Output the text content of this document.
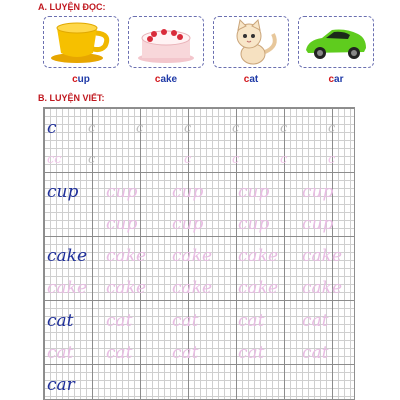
A. LUYỆN ĐỌC:
cup	cake	cat	car
B. LUYỆN VIẾT:
c c	c	c	c	c	c
cc c	c	c	c	c
cup cup cup cup cup
cup cup cup cup
cake cake cake cake cake
cake cake cake cake cake
cat cat cat cat cat
cat cat cat cat cat
car
